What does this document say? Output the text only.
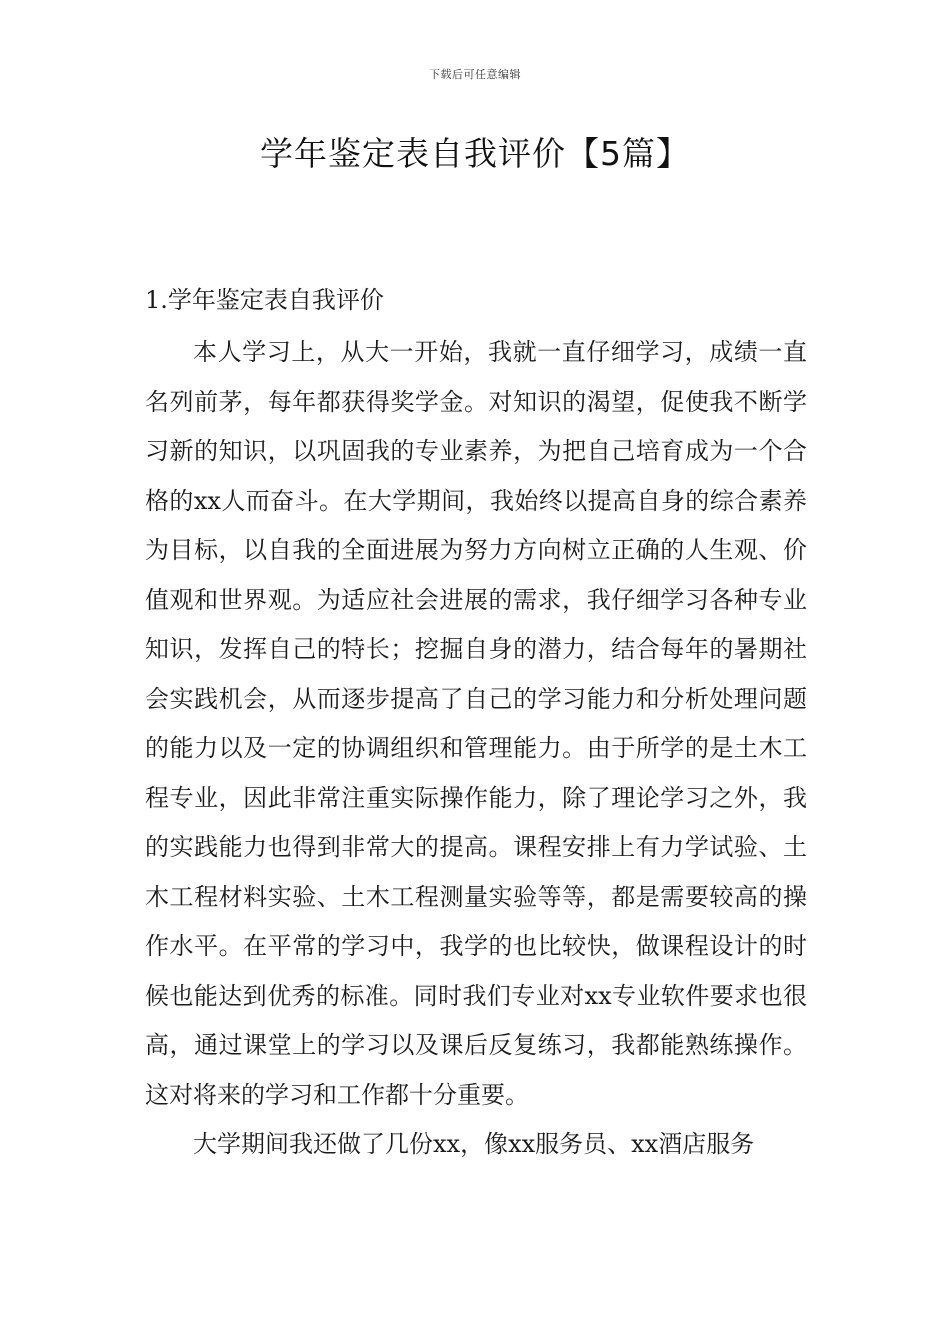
下载后可任意编辑
学年鉴定表自我评价【5篇】

1.学年鉴定表自我评价

本人学习上，从大一开始，我就一直仔细学习，成绩一直名列前茅，每年都获得奖学金。对知识的渴望，促使我不断学习新的知识，以巩固我的专业素养，为把自己培育成为一个合格的xx人而奋斗。在大学期间，我始终以提高自身的综合素养为目标，以自我的全面进展为努力方向树立正确的人生观、价值观和世界观。为适应社会进展的需求，我仔细学习各种专业知识，发挥自己的特长；挖掘自身的潜力，结合每年的暑期社会实践机会，从而逐步提高了自己的学习能力和分析处理问题的能力以及一定的协调组织和管理能力。由于所学的是土木工程专业，因此非常注重实际操作能力，除了理论学习之外，我的实践能力也得到非常大的提高。课程安排上有力学试验、土木工程材料实验、土木工程测量实验等等，都是需要较高的操作水平。在平常的学习中，我学的也比较快，做课程设计的时候也能达到优秀的标准。同时我们专业对xx专业软件要求也很高，通过课堂上的学习以及课后反复练习，我都能熟练操作。这对将来的学习和工作都十分重要。

大学期间我还做了几份xx，像xx服务员、xx酒店服务
